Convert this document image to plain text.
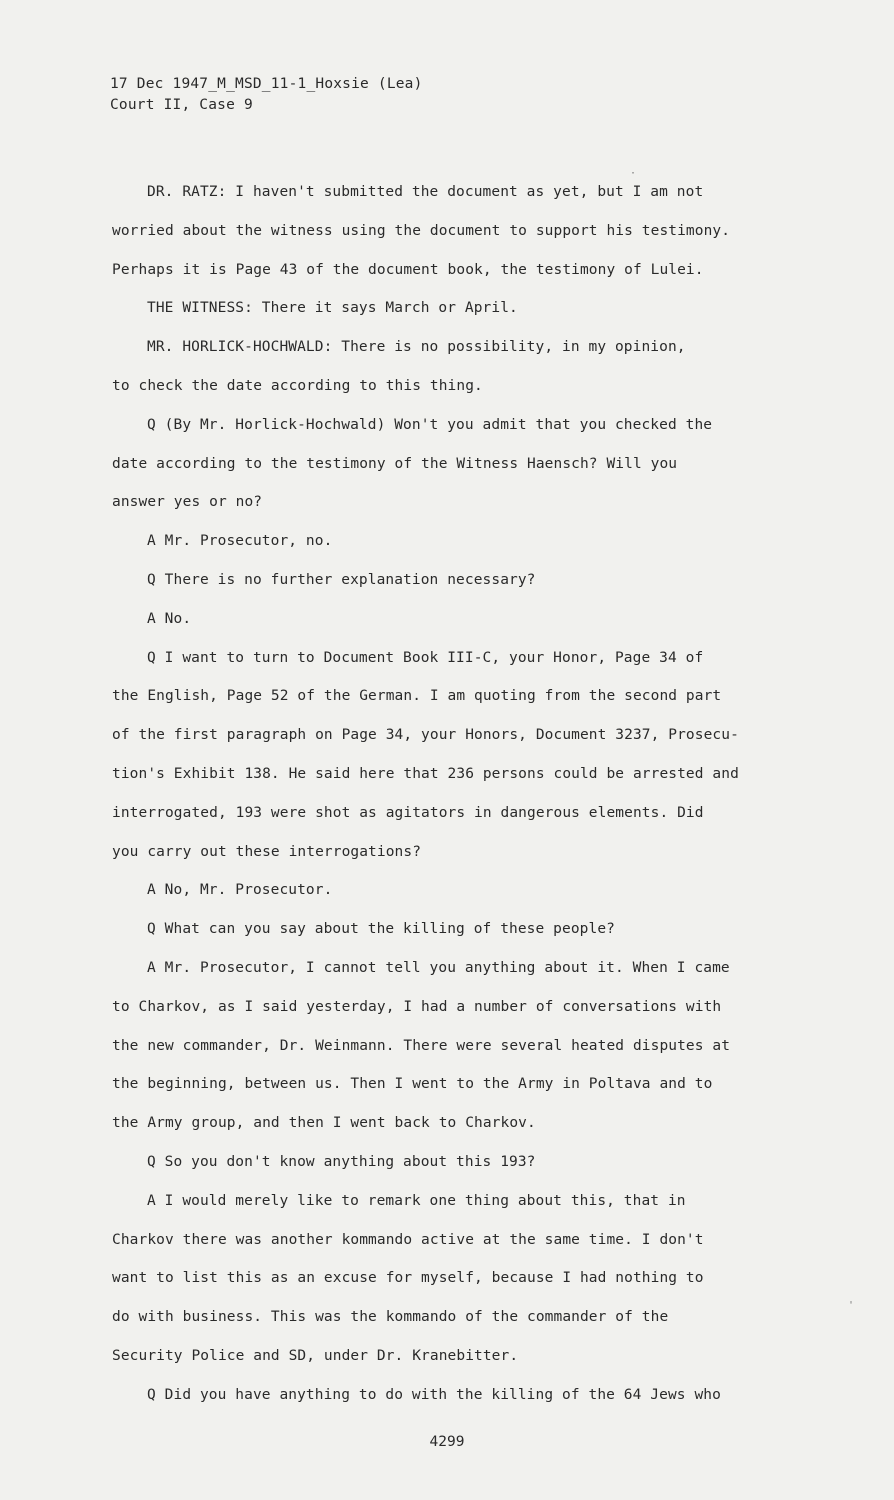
17 Dec 1947_M_MSD_11-1_Hoxsie (Lea)
Court II, Case 9
DR. RATZ: I haven't submitted the document as yet, but I am not
worried about the witness using the document to support his testimony.
Perhaps it is Page 43 of the document book, the testimony of Lulei.
THE WITNESS: There it says March or April.
MR. HORLICK-HOCHWALD: There is no possibility, in my opinion,
to check the date according to this thing.
Q (By Mr. Horlick-Hochwald) Won't you admit that you checked the
date according to the testimony of the Witness Haensch? Will you
answer yes or no?
A Mr. Prosecutor, no.
Q There is no further explanation necessary?
A No.
Q I want to turn to Document Book III-C, your Honor, Page 34 of
the English, Page 52 of the German. I am quoting from the second part
of the first paragraph on Page 34, your Honors, Document 3237, Prosecu-
tion's Exhibit 138. He said here that 236 persons could be arrested and
interrogated, 193 were shot as agitators in dangerous elements. Did
you carry out these interrogations?
A No, Mr. Prosecutor.
Q What can you say about the killing of these people?
A Mr. Prosecutor, I cannot tell you anything about it. When I came
to Charkov, as I said yesterday, I had a number of conversations with
the new commander, Dr. Weinmann. There were several heated disputes at
the beginning, between us. Then I went to the Army in Poltava and to
the Army group, and then I went back to Charkov.
Q So you don't know anything about this 193?
A I would merely like to remark one thing about this, that in
Charkov there was another kommando active at the same time. I don't
want to list this as an excuse for myself, because I had nothing to
do with business. This was the kommando of the commander of the
Security Police and SD, under Dr. Kranebitter.
Q Did you have anything to do with the killing of the 64 Jews who
4299
·
'
